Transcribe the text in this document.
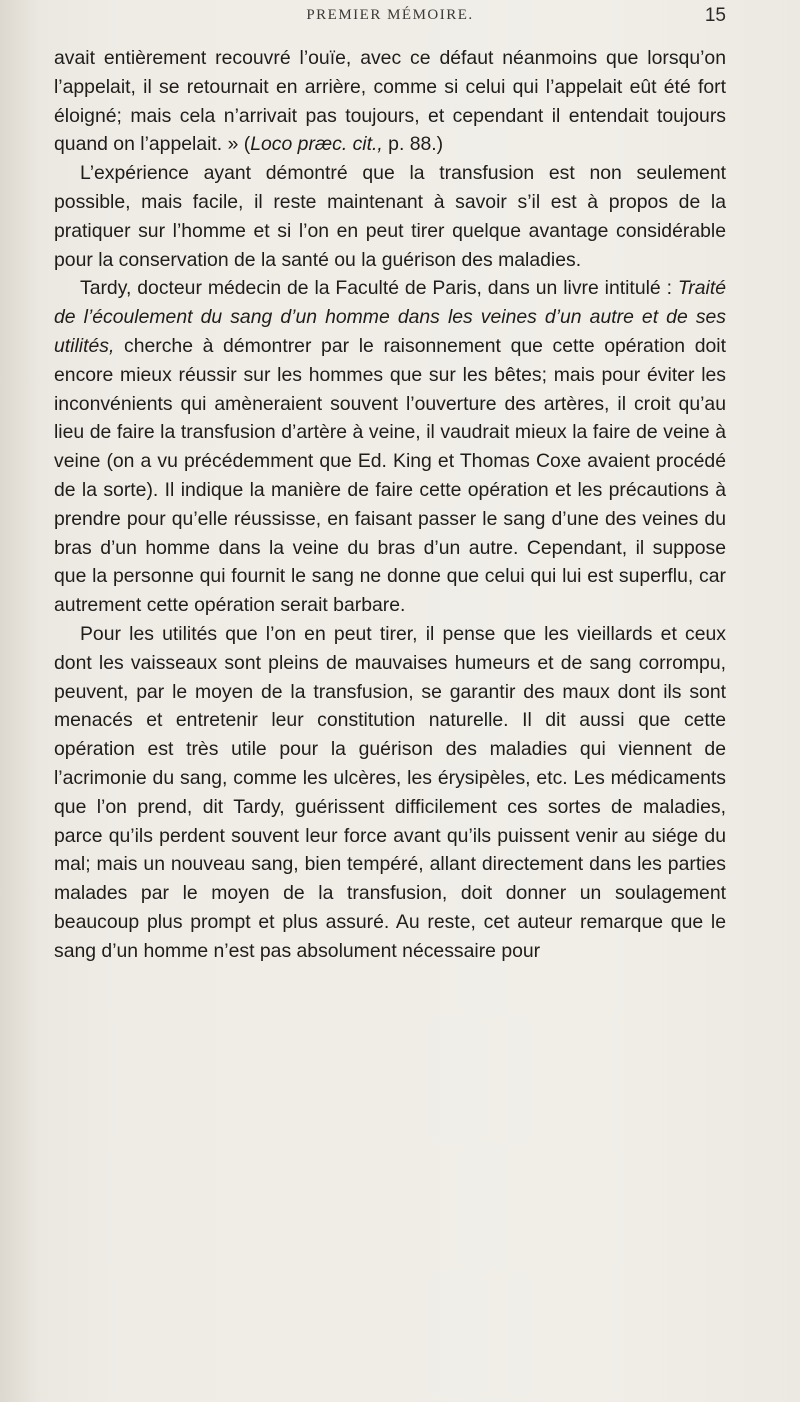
PREMIER MÉMOIRE.	15

avait entièrement recouvré l’ouïe, avec ce défaut néanmoins que lorsqu’on l’appelait, il se retournait en arrière, comme si celui qui l’appelait eût été fort éloigné; mais cela n’arrivait pas toujours, et cependant il entendait toujours quand on l’appelait. » (Loco præc. cit., p. 88.)

L’expérience ayant démontré que la transfusion est non seulement possible, mais facile, il reste maintenant à savoir s’il est à propos de la pratiquer sur l’homme et si l’on en peut tirer quelque avantage considérable pour la conservation de la santé ou la guérison des maladies.

Tardy, docteur médecin de la Faculté de Paris, dans un livre intitulé : Traité de l’écoulement du sang d’un homme dans les veines d’un autre et de ses utilités, cherche à démontrer par le raisonnement que cette opération doit encore mieux réussir sur les hommes que sur les bêtes; mais pour éviter les inconvénients qui amèneraient souvent l’ouverture des artères, il croit qu’au lieu de faire la transfusion d’artère à veine, il vaudrait mieux la faire de veine à veine (on a vu précédemment que Ed. King et Thomas Coxe avaient procédé de la sorte). Il indique la manière de faire cette opération et les précautions à prendre pour qu’elle réussisse, en faisant passer le sang d’une des veines du bras d’un homme dans la veine du bras d’un autre. Cependant, il suppose que la personne qui fournit le sang ne donne que celui qui lui est superflu, car autrement cette opération serait barbare.

Pour les utilités que l’on en peut tirer, il pense que les vieillards et ceux dont les vaisseaux sont pleins de mauvaises humeurs et de sang corrompu, peuvent, par le moyen de la transfusion, se garantir des maux dont ils sont menacés et entretenir leur constitution naturelle. Il dit aussi que cette opération est très utile pour la guérison des maladies qui viennent de l’acrimonie du sang, comme les ulcères, les érysipèles, etc. Les médicaments que l’on prend, dit Tardy, guérissent difficilement ces sortes de maladies, parce qu’ils perdent souvent leur force avant qu’ils puissent venir au siége du mal; mais un nouveau sang, bien tempéré, allant directement dans les parties malades par le moyen de la transfusion, doit donner un soulagement beaucoup plus prompt et plus assuré. Au reste, cet auteur remarque que le sang d’un homme n’est pas absolument nécessaire pour
